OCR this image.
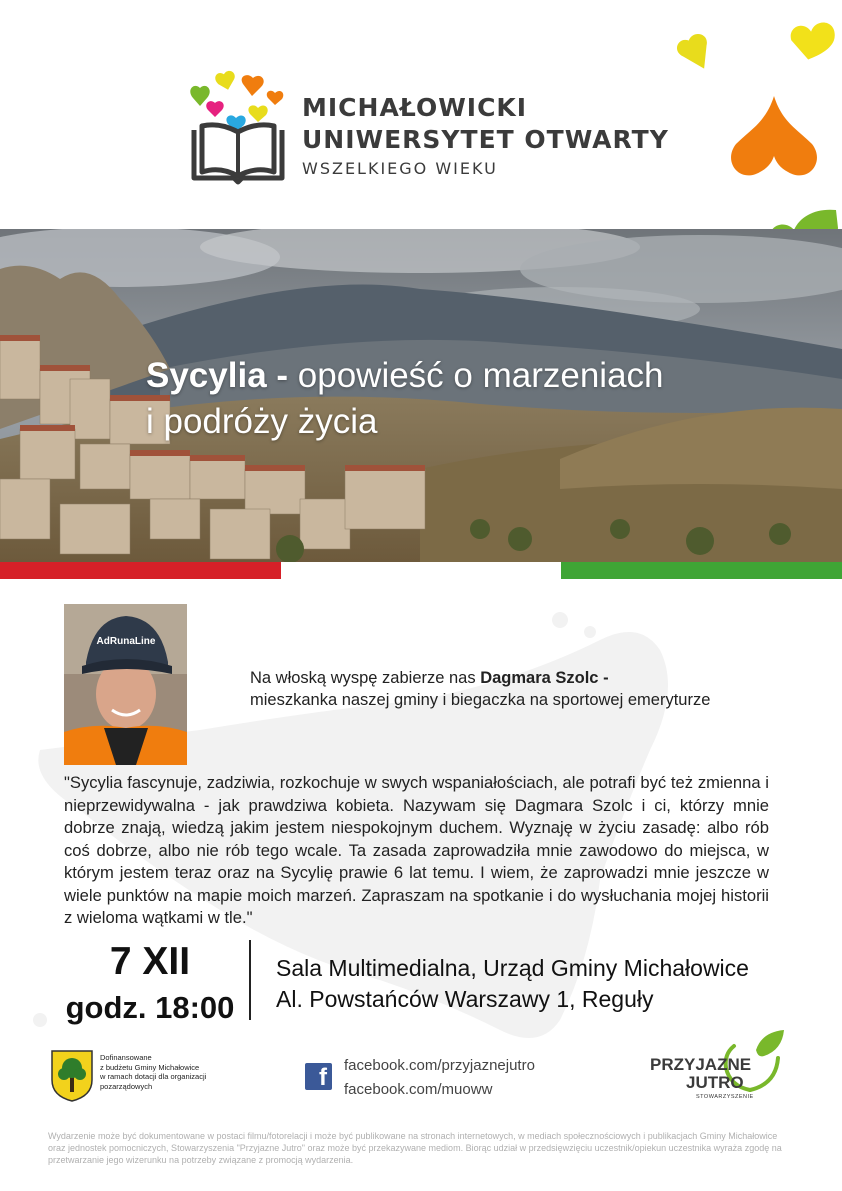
MICHAŁOWICKI
UNIWERSYTET OTWARTY
WSZELKIEGO WIEKU
Sycylia - opowieść o marzeniach
i podróży życia
AdRunaLine
Na włoską wyspę zabierze nas Dagmara Szolc -
mieszkanka naszej gminy i biegaczka na sportowej emeryturze

"Sycylia fascynuje, zadziwia, rozkochuje w swych wspaniałościach, ale potrafi być też zmienna i nieprzewidywalna - jak prawdziwa kobieta. Nazywam się Dagmara Szolc i ci, którzy mnie dobrze znają, wiedzą jakim jestem niespokojnym duchem. Wyznaję w życiu zasadę: albo rób coś dobrze, albo nie rób tego wcale. Ta zasada zaprowadziła mnie zawodowo do miejsca, w którym jestem teraz oraz na Sycylię prawie 6 lat temu. I wiem, że zaprowadzi mnie jeszcze w wiele punktów na mapie moich marzeń. Zapraszam na spotkanie i do wysłuchania mojej historii z wieloma wątkami w tle."

7 XII
godz. 18:00
Sala Multimedialna, Urząd Gminy Michałowice
Al. Powstańców Warszawy 1, Reguły
Dofinansowane
z budżetu Gminy Michałowice
w ramach dotacji dla organizacji
pozarządowych	f	facebook.com/przyjaznejutro
facebook.com/muoww
PRZYJAZNE
JUTRO
STOWARZYSZENIE

Wydarzenie może być dokumentowane w postaci filmu/fotorelacji i może być publikowane na stronach internetowych, w mediach społecznościowych i publikacjach Gminy Michałowice oraz jednostek pomocniczych, Stowarzyszenia "Przyjazne Jutro" oraz może być przekazywane mediom. Biorąc udział w przedsięwzięciu uczestnik/opiekun uczestnika wyraża zgodę na przetwarzanie jego wizerunku na potrzeby związane z promocją wydarzenia.
